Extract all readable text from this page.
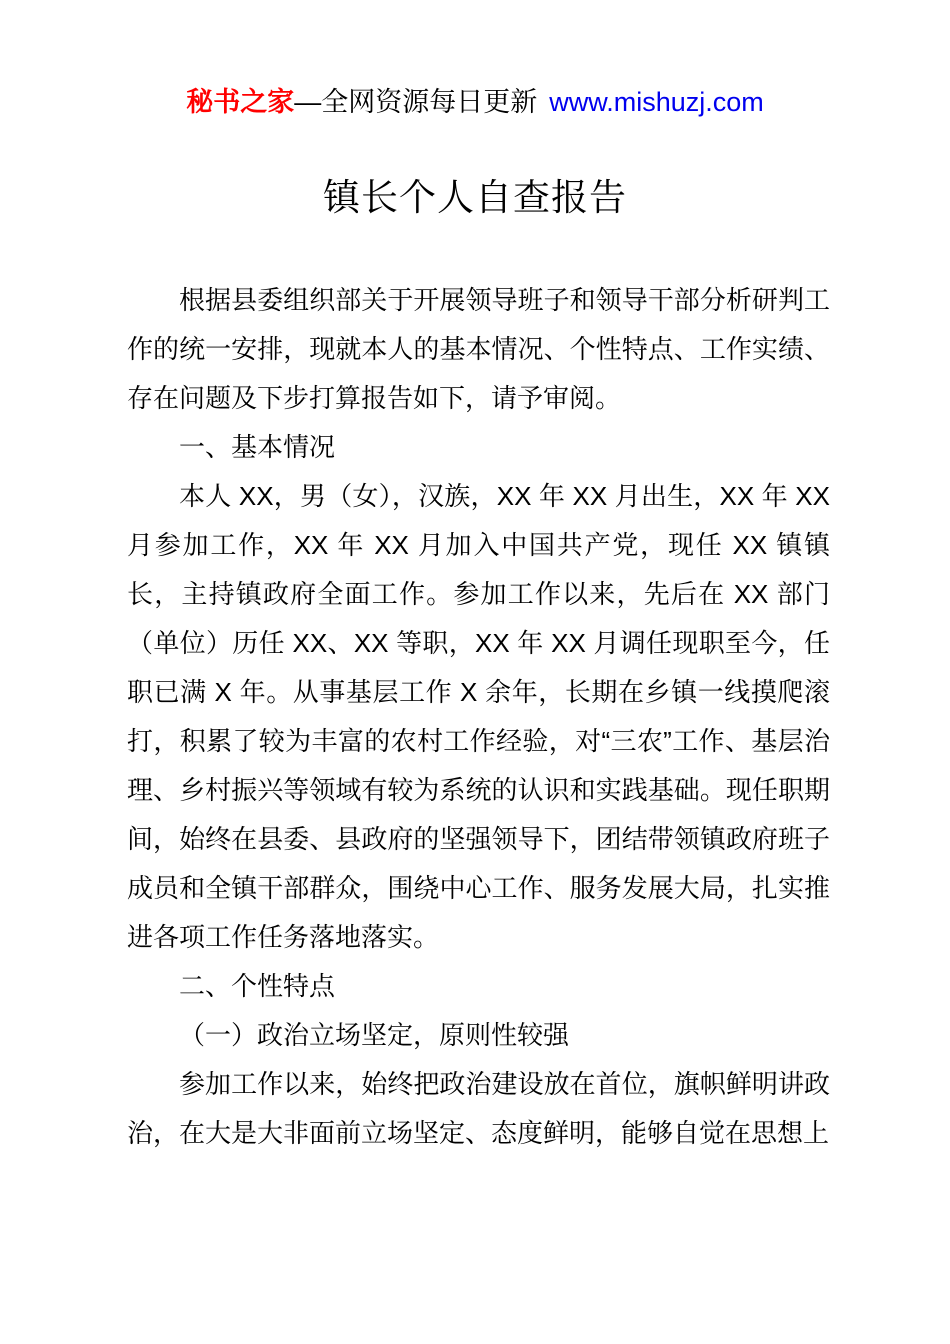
秘书之家—全网资源每日更新 www.mishuzj.com
镇长个人自查报告

根据县委组织部关于开展领导班子和领导干部分析研判工作的统一安排，现就本人的基本情况、个性特点、工作实绩、存在问题及下步打算报告如下，请予审阅。

一、基本情况

本人 XX，男（女），汉族，XX 年 XX 月出生，XX 年 XX 月参加工作，XX 年 XX 月加入中国共产党，现任 XX 镇镇长，主持镇政府全面工作。参加工作以来，先后在 XX 部门（单位）历任 XX、XX 等职，XX 年 XX 月调任现职至今，任职已满 X 年。从事基层工作 X 余年，长期在乡镇一线摸爬滚打，积累了较为丰富的农村工作经验，对“三农”工作、基层治理、乡村振兴等领域有较为系统的认识和实践基础。现任职期间，始终在县委、县政府的坚强领导下，团结带领镇政府班子成员和全镇干部群众，围绕中心工作、服务发展大局，扎实推进各项工作任务落地落实。

二、个性特点

（一）政治立场坚定，原则性较强

参加工作以来，始终把政治建设放在首位，旗帜鲜明讲政治，在大是大非面前立场坚定、态度鲜明，能够自觉在思想上
